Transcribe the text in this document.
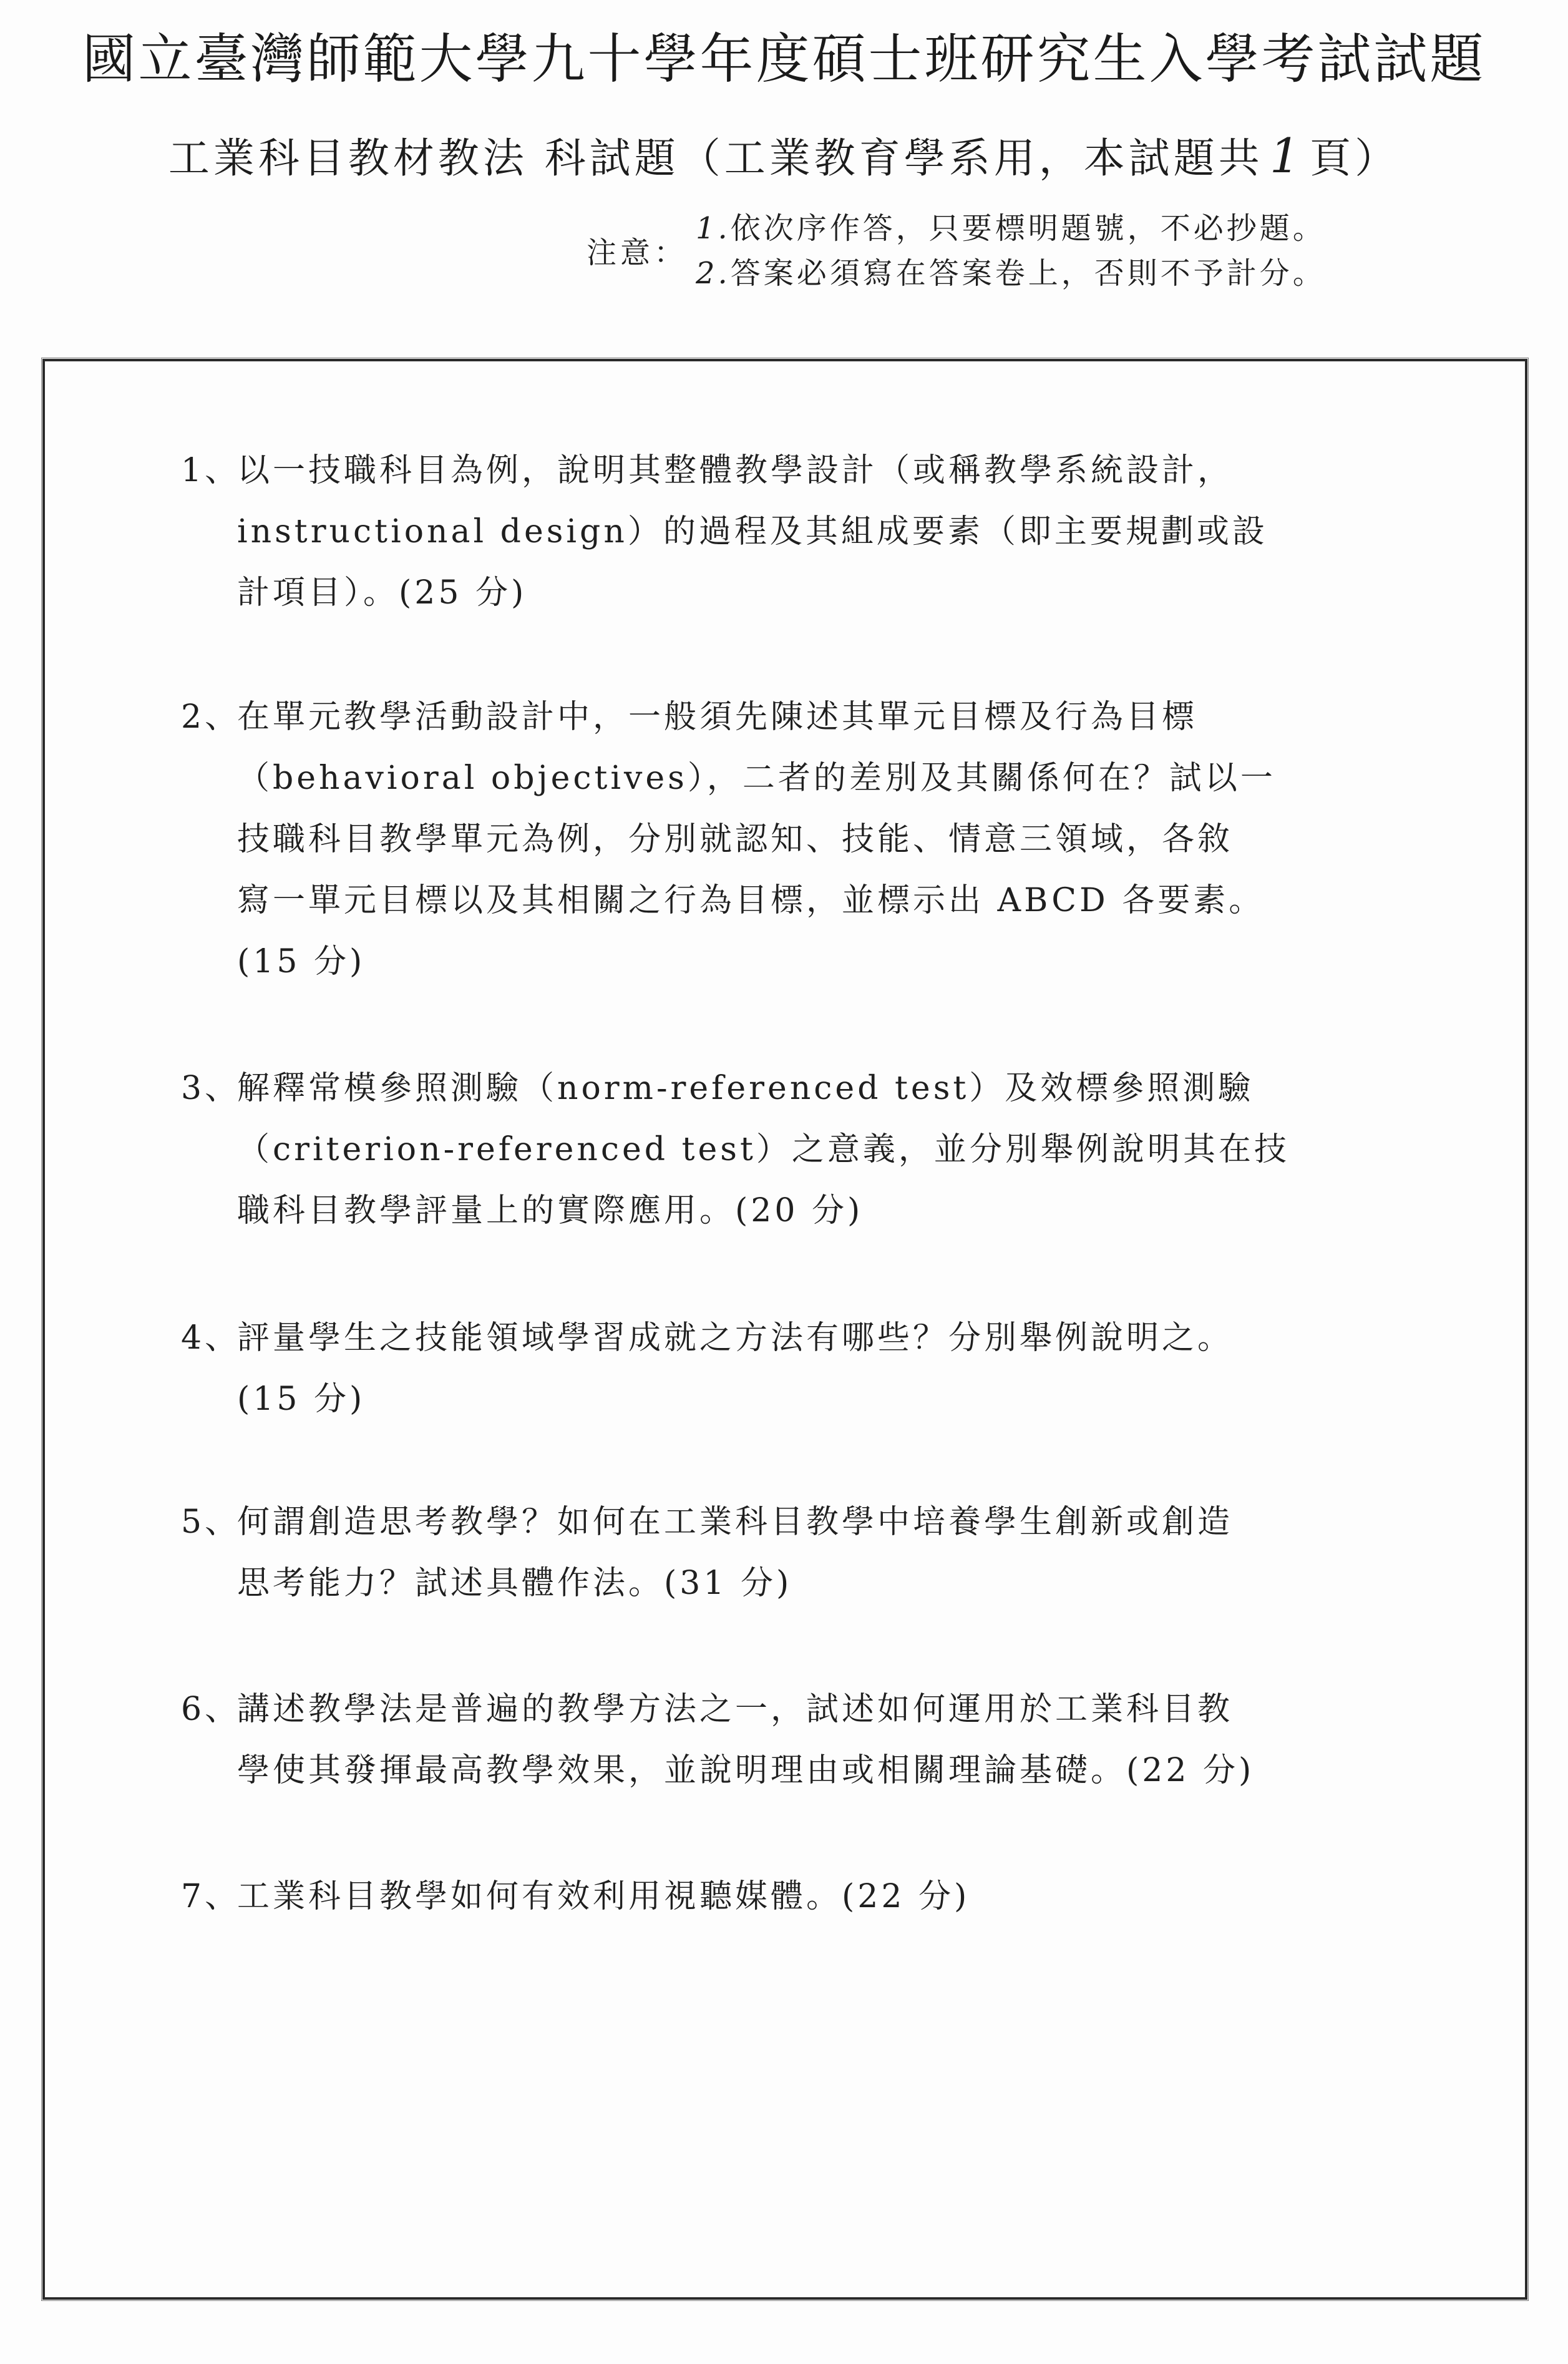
國立臺灣師範大學九十學年度碩士班研究生入學考試試題
工業科目教材教法 科試題（工業教育學系用，本試題共 1 頁）
注意：
1.依次序作答，只要標明題號，不必抄題。
2.答案必須寫在答案卷上，否則不予計分。
1、以一技職科目為例，說明其整體教學設計（或稱教學系統設計，
instructional design）的過程及其組成要素（即主要規劃或設
計項目）。(25 分)
2、在單元教學活動設計中，一般須先陳述其單元目標及行為目標
（behavioral objectives），二者的差別及其關係何在？試以一
技職科目教學單元為例，分別就認知、技能、情意三領域，各敘
寫一單元目標以及其相關之行為目標，並標示出 ABCD 各要素。
(15 分)
3、解釋常模參照測驗（norm-referenced test）及效標參照測驗
（criterion-referenced test）之意義，並分別舉例說明其在技
職科目教學評量上的實際應用。(20 分)
4、評量學生之技能領域學習成就之方法有哪些？分別舉例說明之。
(15 分)
5、何謂創造思考教學？如何在工業科目教學中培養學生創新或創造
思考能力？試述具體作法。(31 分)
6、講述教學法是普遍的教學方法之一，試述如何運用於工業科目教
學使其發揮最高教學效果，並說明理由或相關理論基礎。(22 分)
7、工業科目教學如何有效利用視聽媒體。(22 分)
